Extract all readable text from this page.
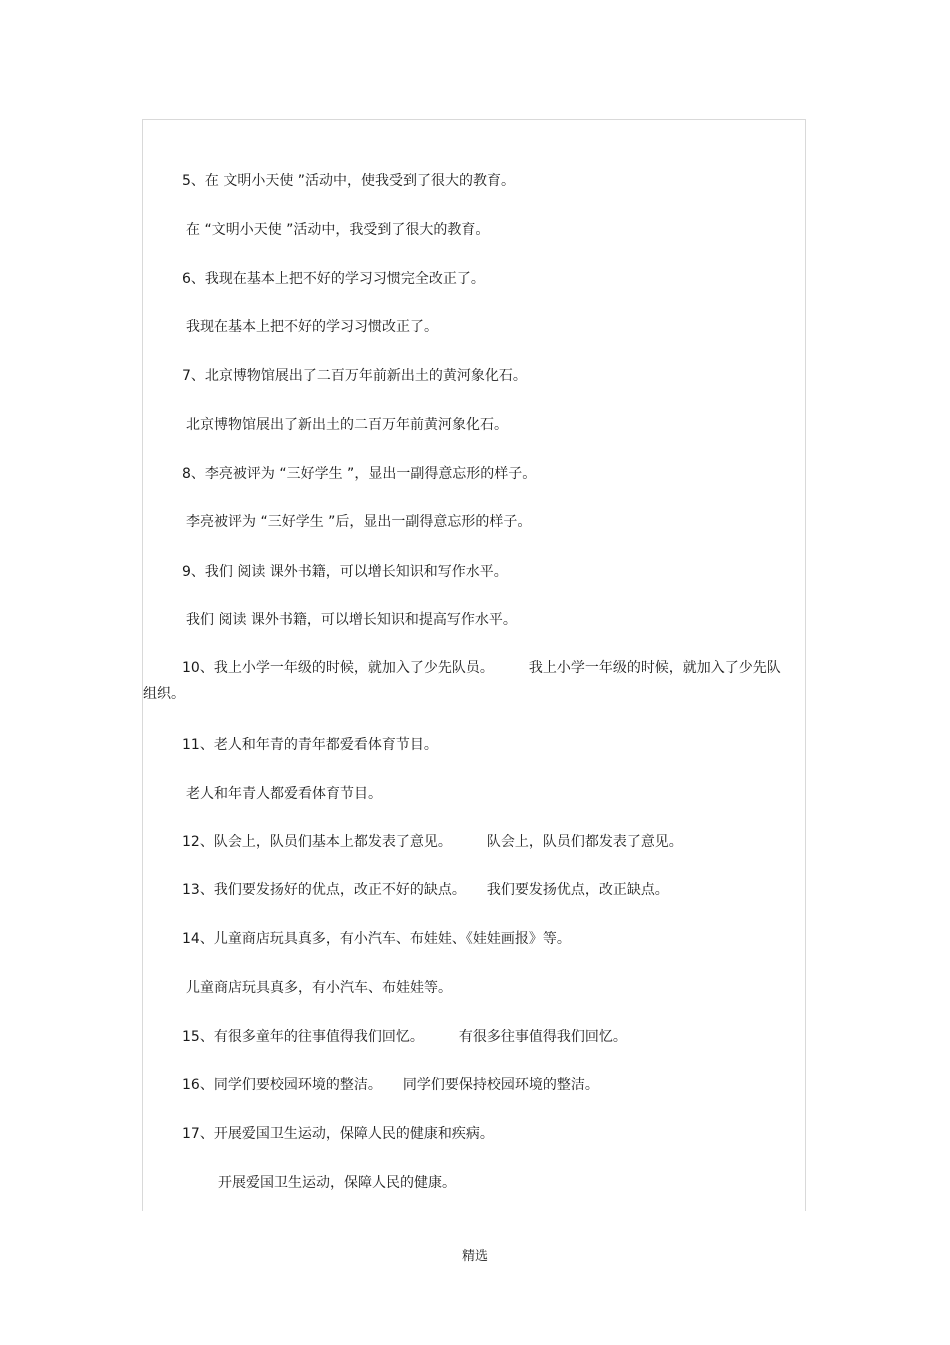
5、在 文明小天使 ”活动中，使我受到了很大的教育。

在 “文明小天使 ”活动中，我受到了很大的教育。

6、我现在基本上把不好的学习习惯完全改正了。

我现在基本上把不好的学习习惯改正了。

7、北京博物馆展出了二百万年前新出土的黄河象化石。

北京博物馆展出了新出土的二百万年前黄河象化石。

8、李亮被评为 “三好学生 ”，显出一副得意忘形的样子。

李亮被评为 “三好学生 ”后，显出一副得意忘形的样子。

9、我们 阅读 课外书籍，可以增长知识和写作水平。

我们 阅读 课外书籍，可以增长知识和提高写作水平。

10、我上小学一年级的时候，就加入了少先队员。　　　我上小学一年级的时候，就加入了少先队组织。

11、老人和年青的青年都爱看体育节目。

老人和年青人都爱看体育节目。

12、队会上，队员们基本上都发表了意见。　　　队会上，队员们都发表了意见。

13、我们要发扬好的优点，改正不好的缺点。　　我们要发扬优点，改正缺点。

14、儿童商店玩具真多，有小汽车、布娃娃、《娃娃画报》等。

儿童商店玩具真多，有小汽车、布娃娃等。

15、有很多童年的往事值得我们回忆。　　　有很多往事值得我们回忆。

16、同学们要校园环境的整洁。　　同学们要保持校园环境的整洁。

17、开展爱国卫生运动，保障人民的健康和疾病。

开展爱国卫生运动，保障人民的健康。

精选
